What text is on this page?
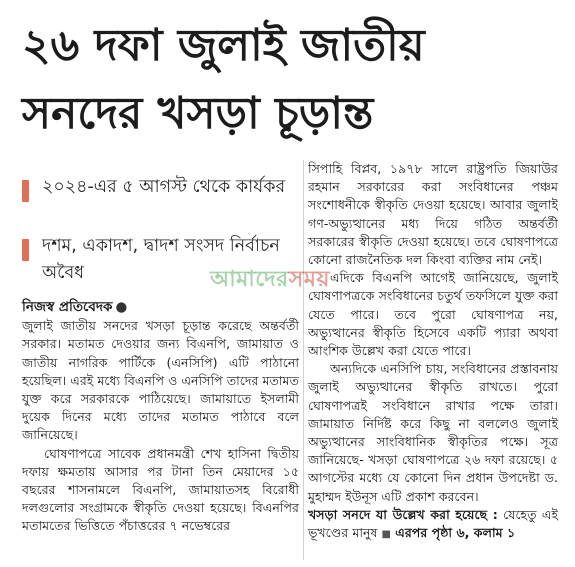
২৬ দফা জুলাই জাতীয়
সনদের খসড়া চূড়ান্ত
২০২৪-এর ৫ আগস্ট থেকে কার্যকর
দশম, একাদশ, দ্বাদশ সংসদ নির্বাচন অবৈধ
নিজস্ব প্রতিবেদক ●

জুলাই জাতীয় সনদের খসড়া চূড়ান্ত করেছে অন্তর্বর্তী সরকার। মতামত দেওয়ার জন্য বিএনপি, জামায়াত ও জাতীয় নাগরিক পার্টিকে (এনসিপি) এটি পাঠানো হয়েছিল। এরই মধ্যে বিএনপি ও এনসিপি তাদের মতামত যুক্ত করে সরকারকে পাঠিয়েছে। জামায়াতে ইসলামী দুয়েক দিনের মধ্যে তাদের মতামত পাঠাবে বলে জানিয়েছে।

ঘোষণাপত্রে সাবেক প্রধানমন্ত্রী শেখ হাসিনা দ্বিতীয় দফায় ক্ষমতায় আসার পর টানা তিন মেয়াদের ১৫ বছরের শাসনামলে বিএনপি, জামায়াতসহ বিরোধী দলগুলোর সংগ্রামকে স্বীকৃতি দেওয়া হয়েছে। বিএনপির মতামতের ভিত্তিতে পঁচাত্তরের ৭ নভেম্বরের

সিপাহি বিপ্লব, ১৯৭৮ সালে রাষ্ট্রপতি জিয়াউর রহমান সরকারের করা সংবিধানের পঞ্চম সংশোধনীকে স্বীকৃতি দেওয়া হয়েছে। আবার জুলাই গণ-অভ্যুত্থানের মধ্য দিয়ে গঠিত অন্তর্বর্তী সরকারের স্বীকৃতি দেওয়া হয়েছে। তবে ঘোষণাপত্রে কোনো রাজনৈতিক দল কিংবা ব্যক্তির নাম নেই।

এদিকে বিএনপি আগেই জানিয়েছে, জুলাই ঘোষণাপত্রকে সংবিধানের চতুর্থ তফসিলে যুক্ত করা যেতে পারে। তবে পুরো ঘোষণাপত্র নয়, অভ্যুত্থানের স্বীকৃতি হিসেবে একটি প্যারা অথবা আংশিক উল্লেখ করা যেতে পারে।

অন্যদিকে এনসিপি চায়, সংবিধানের প্রস্তাবনায় জুলাই অভ্যুত্থানের স্বীকৃতি রাখতে। পুরো ঘোষণাপত্রই সংবিধানে রাখার পক্ষে তারা। জামায়াত নির্দিষ্ট করে কিছু না বললেও জুলাই অভ্যুত্থানের সাংবিধানিক স্বীকৃতির পক্ষে। সূত্র জানিয়েছে- খসড়া ঘোষণাপত্রে ২৬ দফা রয়েছে। ৫ আগস্টের মধ্যে যে কোনো দিন প্রধান উপদেষ্টা ড. মুহাম্মদ ইউনূস এটি প্রকাশ করবেন।

খসড়া সনদে যা উল্লেখ করা হয়েছে : যেহেতু এই ভূখণ্ডের মানুষ ■ এরপর পৃষ্ঠা ৬, কলাম ১

আমাদেরসময়
